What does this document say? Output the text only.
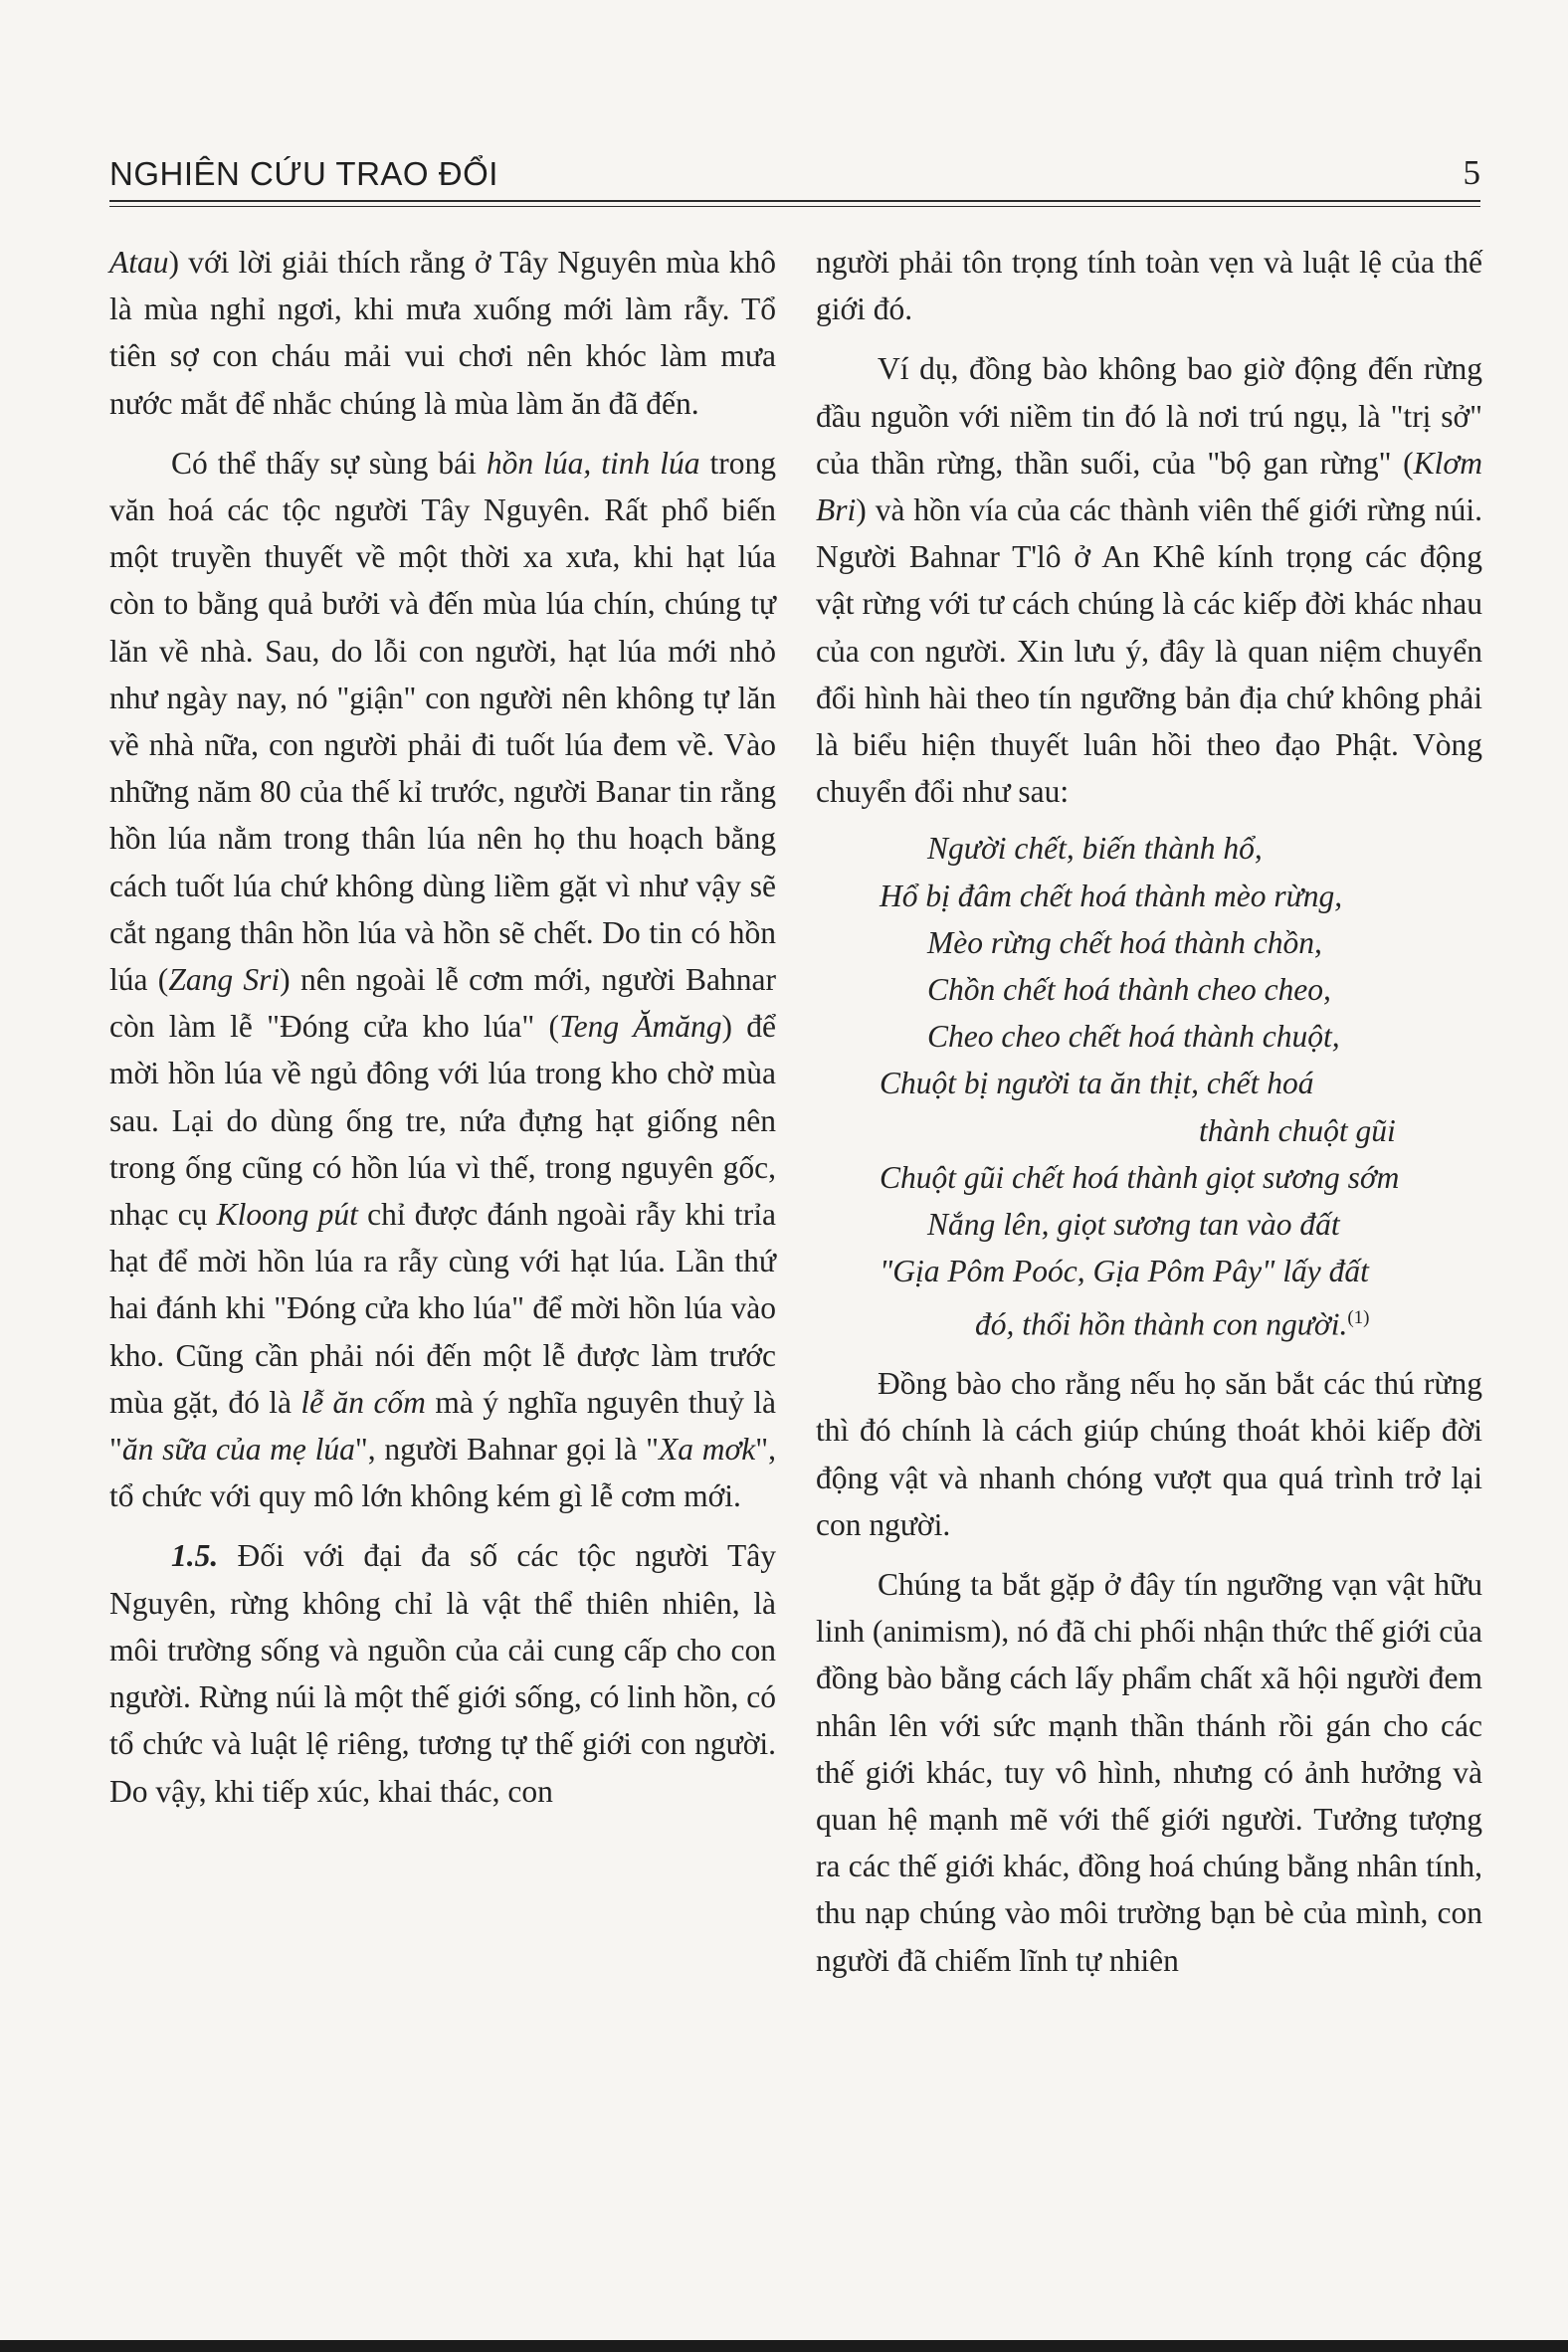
NGHIÊN CỨU TRAO ĐỔI	5

Atau) với lời giải thích rằng ở Tây Nguyên mùa khô là mùa nghỉ ngơi, khi mưa xuống mới làm rẫy. Tổ tiên sợ con cháu mải vui chơi nên khóc làm mưa nước mắt để nhắc chúng là mùa làm ăn đã đến.

Có thể thấy sự sùng bái hồn lúa, tinh lúa trong văn hoá các tộc người Tây Nguyên. Rất phổ biến một truyền thuyết về một thời xa xưa, khi hạt lúa còn to bằng quả bưởi và đến mùa lúa chín, chúng tự lăn về nhà. Sau, do lỗi con người, hạt lúa mới nhỏ như ngày nay, nó "giận" con người nên không tự lăn về nhà nữa, con người phải đi tuốt lúa đem về. Vào những năm 80 của thế kỉ trước, người Banar tin rằng hồn lúa nằm trong thân lúa nên họ thu hoạch bằng cách tuốt lúa chứ không dùng liềm gặt vì như vậy sẽ cắt ngang thân hồn lúa và hồn sẽ chết. Do tin có hồn lúa (Zang Sri) nên ngoài lễ cơm mới, người Bahnar còn làm lễ "Đóng cửa kho lúa" (Teng Ămăng) để mời hồn lúa về ngủ đông với lúa trong kho chờ mùa sau. Lại do dùng ống tre, nứa đựng hạt giống nên trong ống cũng có hồn lúa vì thế, trong nguyên gốc, nhạc cụ Kloong pút chỉ được đánh ngoài rẫy khi trỉa hạt để mời hồn lúa ra rẫy cùng với hạt lúa. Lần thứ hai đánh khi "Đóng cửa kho lúa" để mời hồn lúa vào kho. Cũng cần phải nói đến một lễ được làm trước mùa gặt, đó là lễ ăn cốm mà ý nghĩa nguyên thuỷ là "ăn sữa của mẹ lúa", người Bahnar gọi là "Xa mơk", tổ chức với quy mô lớn không kém gì lễ cơm mới.

1.5. Đối với đại đa số các tộc người Tây Nguyên, rừng không chỉ là vật thể thiên nhiên, là môi trường sống và nguồn của cải cung cấp cho con người. Rừng núi là một thế giới sống, có linh hồn, có tổ chức và luật lệ riêng, tương tự thế giới con người. Do vậy, khi tiếp xúc, khai thác, con

người phải tôn trọng tính toàn vẹn và luật lệ của thế giới đó.

Ví dụ, đồng bào không bao giờ động đến rừng đầu nguồn với niềm tin đó là nơi trú ngụ, là "trị sở" của thần rừng, thần suối, của "bộ gan rừng" (Klơm Bri) và hồn vía của các thành viên thế giới rừng núi. Người Bahnar T'lô ở An Khê kính trọng các động vật rừng với tư cách chúng là các kiếp đời khác nhau của con người. Xin lưu ý, đây là quan niệm chuyển đổi hình hài theo tín ngưỡng bản địa chứ không phải là biểu hiện thuyết luân hồi theo đạo Phật. Vòng chuyển đổi như sau:

Người chết, biến thành hổ,
Hổ bị đâm chết hoá thành mèo rừng,
Mèo rừng chết hoá thành chồn,
Chồn chết hoá thành cheo cheo,
Cheo cheo chết hoá thành chuột,
Chuột bị người ta ăn thịt, chết hoá
thành chuột gũi
Chuột gũi chết hoá thành giọt sương sớm
Nắng lên, giọt sương tan vào đất
"Gịa Pôm Poóc, Gịa Pôm Pây" lấy đất
đó, thổi hồn thành con người.$^{(1)}$

Đồng bào cho rằng nếu họ săn bắt các thú rừng thì đó chính là cách giúp chúng thoát khỏi kiếp đời động vật và nhanh chóng vượt qua quá trình trở lại con người.

Chúng ta bắt gặp ở đây tín ngưỡng vạn vật hữu linh (animism), nó đã chi phối nhận thức thế giới của đồng bào bằng cách lấy phẩm chất xã hội người đem nhân lên với sức mạnh thần thánh rồi gán cho các thế giới khác, tuy vô hình, nhưng có ảnh hưởng và quan hệ mạnh mẽ với thế giới người. Tưởng tượng ra các thế giới khác, đồng hoá chúng bằng nhân tính, thu nạp chúng vào môi trường bạn bè của mình, con người đã chiếm lĩnh tự nhiên
